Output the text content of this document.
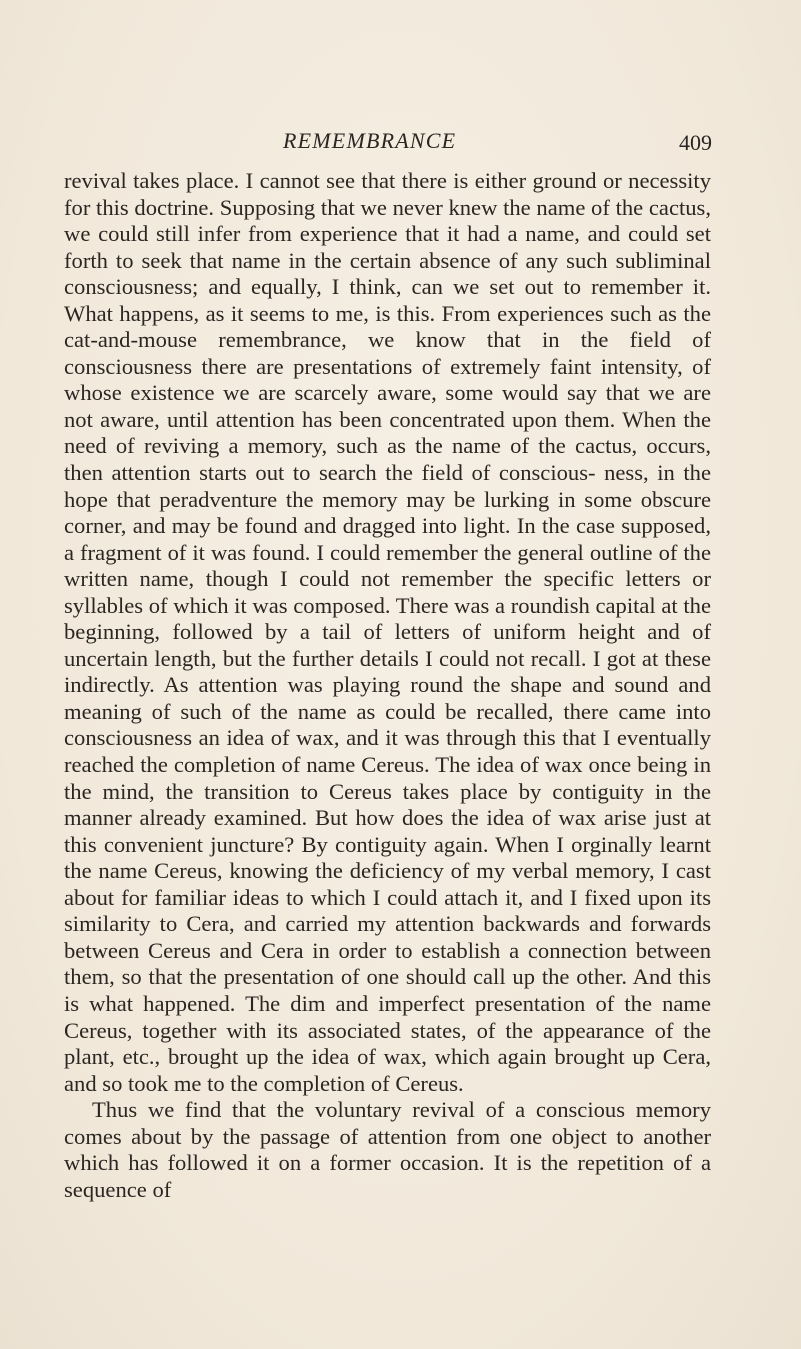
REMEMBRANCE	409

revival takes place. I cannot see that there is either ground or necessity for this doctrine. Supposing that we never knew the name of the cactus, we could still infer from experience that it had a name, and could set forth to seek that name in the certain absence of any such subliminal consciousness; and equally, I think, can we set out to remember it. What happens, as it seems to me, is this. From experiences such as the cat-and-mouse remembrance, we know that in the field of consciousness there are presentations of extremely faint intensity, of whose existence we are scarcely aware, some would say that we are not aware, until attention has been concentrated upon them. When the need of reviving a memory, such as the name of the cactus, occurs, then attention starts out to search the field of conscious- ness, in the hope that peradventure the memory may be lurking in some obscure corner, and may be found and dragged into light. In the case supposed, a fragment of it was found. I could remember the general outline of the written name, though I could not remember the specific letters or syllables of which it was composed. There was a roundish capital at the beginning, followed by a tail of letters of uniform height and of uncertain length, but the further details I could not recall. I got at these indirectly. As attention was playing round the shape and sound and meaning of such of the name as could be recalled, there came into consciousness an idea of wax, and it was through this that I eventually reached the completion of name Cereus. The idea of wax once being in the mind, the transition to Cereus takes place by contiguity in the manner already examined. But how does the idea of wax arise just at this convenient juncture? By contiguity again. When I orginally learnt the name Cereus, knowing the deficiency of my verbal memory, I cast about for familiar ideas to which I could attach it, and I fixed upon its similarity to Cera, and carried my attention backwards and forwards between Cereus and Cera in order to establish a connection between them, so that the presentation of one should call up the other. And this is what happened. The dim and imperfect presentation of the name Cereus, together with its associated states, of the appearance of the plant, etc., brought up the idea of wax, which again brought up Cera, and so took me to the completion of Cereus.

Thus we find that the voluntary revival of a conscious memory comes about by the passage of attention from one object to another which has followed it on a former occasion. It is the repetition of a sequence of
